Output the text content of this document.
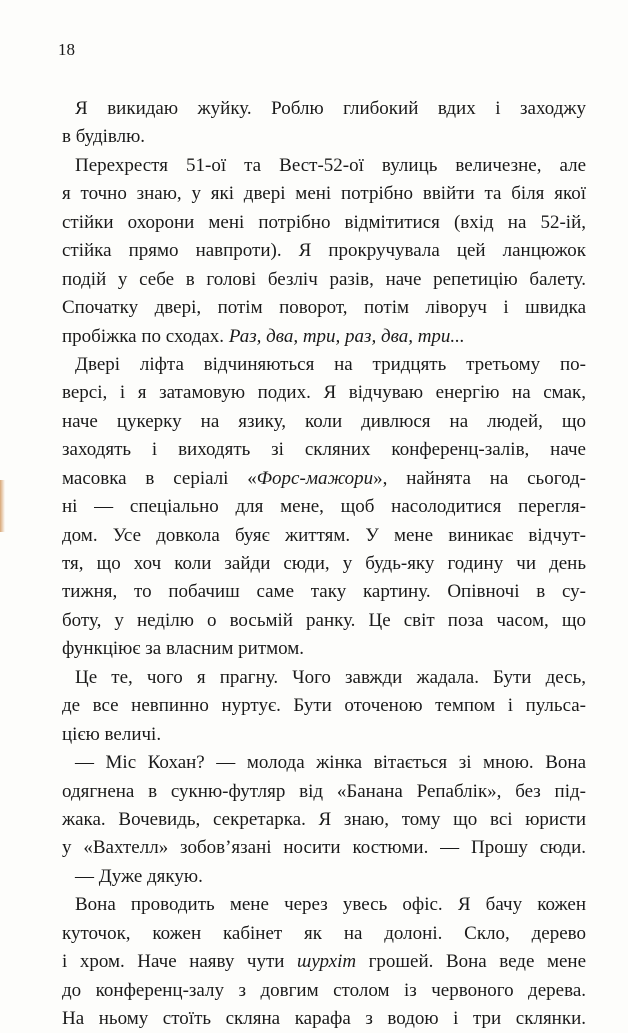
18
Я викидаю жуйку. Роблю глибокий вдих і заходжу
в будівлю.
Перехрестя 51-ої та Вест-52-ої вулиць величезне, але
я точно знаю, у які двері мені потрібно ввійти та біля якої
стійки охорони мені потрібно відмітитися (вхід на 52-ій,
стійка прямо навпроти). Я прокручувала цей ланцюжок
подій у себе в голові безліч разів, наче репетицію балету.
Спочатку двері, потім поворот, потім ліворуч і швидка
пробіжка по сходах. Раз, два, три, раз, два, три...
Двері ліфта відчиняються на тридцять третьому по-
версі, і я затамовую подих. Я відчуваю енергію на смак,
наче цукерку на язику, коли дивлюся на людей, що
заходять і виходять зі скляних конференц-залів, наче
масовка в серіалі «Форс-мажори», найнята на сьогод-
ні — спеціально для мене, щоб насолодитися перегля-
дом. Усе довкола буяє життям. У мене виникає відчут-
тя, що хоч коли зайди сюди, у будь-яку годину чи день
тижня, то побачиш саме таку картину. Опівночі в су-
боту, у неділю о восьмій ранку. Це світ поза часом, що
функціює за власним ритмом.
Це те, чого я прагну. Чого завжди жадала. Бути десь,
де все невпинно нуртує. Бути оточеною темпом і пульса-
цією величі.
— Міс Кохан? — молода жінка вітається зі мною. Вона
одягнена в сукню-футляр від «Банана Репаблік», без під-
жака. Вочевидь, секретарка. Я знаю, тому що всі юристи
у «Вахтелл» зобов’язані носити костюми. — Прошу сюди.
— Дуже дякую.
Вона проводить мене через увесь офіс. Я бачу кожен
куточок, кожен кабінет як на долоні. Скло, дерево
і хром. Наче наяву чути шурхіт грошей. Вона веде мене
до конференц-залу з довгим столом із червоного дерева.
На ньому стоїть скляна карафа з водою і три склянки.
